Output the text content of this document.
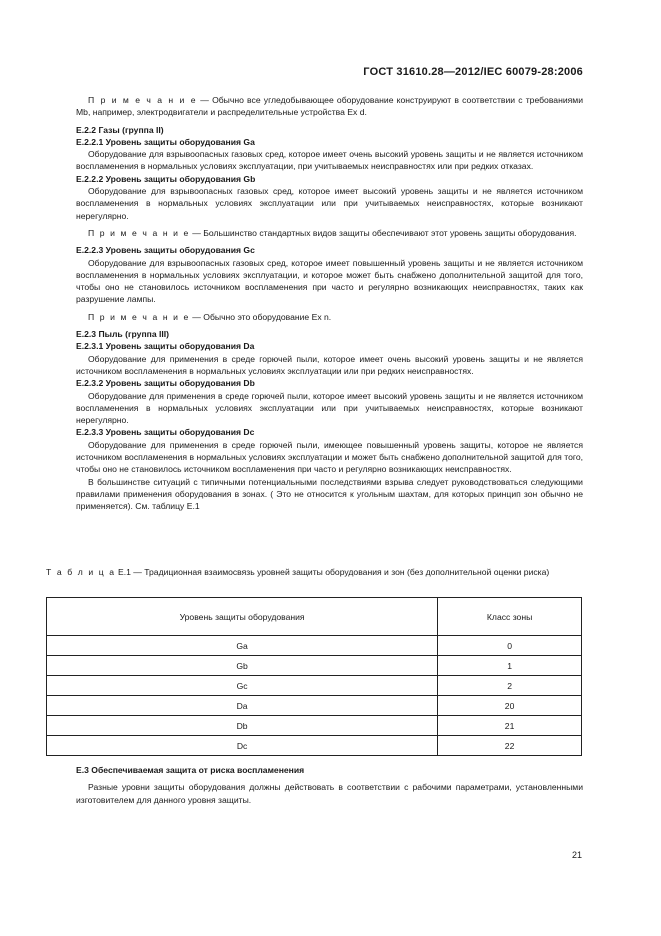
ГОСТ 31610.28—2012/IEC 60079-28:2006

П р и м е ч а н и е — Обычно все угледобывающее оборудование конструируют в соответствии с требованиями Mb, например, электродвигатели и распределительные устройства Ex d.

Е.2.2 Газы (группа II)

Е.2.2.1 Уровень защиты оборудования Ga

Оборудование для взрывоопасных газовых сред, которое имеет очень высокий уровень защиты и не является источником воспламенения в нормальных условиях эксплуатации, при учитываемых неисправностях или при редких отказах.

Е.2.2.2 Уровень защиты оборудования Gb

Оборудование для взрывоопасных газовых сред, которое имеет высокий уровень защиты и не является источником воспламенения в нормальных условиях эксплуатации или при учитываемых неисправностях, которые возникают нерегулярно.

П р и м е ч а н и е — Большинство стандартных видов защиты обеспечивают этот уровень защиты оборудования.

Е.2.2.3 Уровень защиты оборудования Gc

Оборудование для взрывоопасных газовых сред, которое имеет повышенный уровень защиты и не является источником воспламенения в нормальных условиях эксплуатации, и которое может быть снабжено дополнительной защитой для того, чтобы оно не становилось источником воспламенения при часто и регулярно возникающих неисправностях, таких как разрушение лампы.

П р и м е ч а н и е — Обычно это оборудование Ex n.

Е.2.3 Пыль (группа III)

Е.2.3.1 Уровень защиты оборудования Da

Оборудование для применения в среде горючей пыли, которое имеет очень высокий уровень защиты и не является источником воспламенения в нормальных условиях эксплуатации или при редких неисправностях.

Е.2.3.2 Уровень защиты оборудования Db

Оборудование для применения в среде горючей пыли, которое имеет высокий уровень защиты и не является источником воспламенения в нормальных условиях эксплуатации или при учитываемых неисправностях, которые возникают нерегулярно.

Е.2.3.3 Уровень защиты оборудования Dc

Оборудование для применения в среде горючей пыли, имеющее повышенный уровень защиты, которое не является источником воспламенения в нормальных условиях эксплуатации и может быть снабжено дополнительной защитой для того, чтобы оно не становилось источником воспламенения при часто и регулярно возникающих неисправностях.

В большинстве ситуаций с типичными потенциальными последствиями взрыва следует руководствоваться следующими правилами применения оборудования в зонах. ( Это не относится к угольным шахтам, для которых принцип зон обычно не применяется). См. таблицу Е.1

Т а б л и ц а Е.1 — Традиционная взаимосвязь уровней защиты оборудования и зон (без дополнительной оценки риска)
Уровень защиты оборудования	Класс зоны
Ga	0
Gb	1
Gc	2
Da	20
Db	21
Dc	22

Е.3 Обеспечиваемая защита от риска воспламенения

Разные уровни защиты оборудования должны действовать в соответствии с рабочими параметрами, установленными изготовителем для данного уровня защиты.

21
